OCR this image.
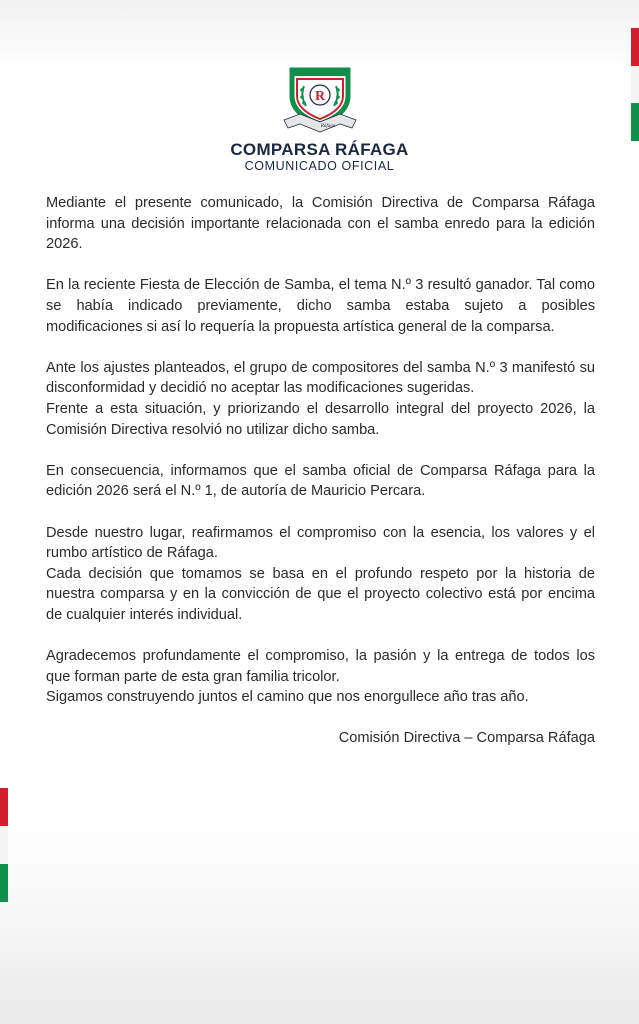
R
Ráfaga
COMPARSA RÁFAGA
COMUNICADO OFICIAL

Mediante el presente comunicado, la Comisión Directiva de Comparsa Ráfaga informa una decisión importante relacionada con el samba enredo para la edición 2026.

En la reciente Fiesta de Elección de Samba, el tema N.º 3 resultó ganador. Tal como se había indicado previamente, dicho samba estaba sujeto a posibles modificaciones si así lo requería la propuesta artística general de la comparsa.

Ante los ajustes planteados, el grupo de compositores del samba N.º 3 manifestó su disconformidad y decidió no aceptar las modificaciones sugeridas.

Frente a esta situación, y priorizando el desarrollo integral del proyecto 2026, la Comisión Directiva resolvió no utilizar dicho samba.

En consecuencia, informamos que el samba oficial de Comparsa Ráfaga para la edición 2026 será el N.º 1, de autoría de Mauricio Percara.

Desde nuestro lugar, reafirmamos el compromiso con la esencia, los valores y el rumbo artístico de Ráfaga.

Cada decisión que tomamos se basa en el profundo respeto por la historia de nuestra comparsa y en la convicción de que el proyecto colectivo está por encima de cualquier interés individual.

Agradecemos profundamente el compromiso, la pasión y la entrega de todos los que forman parte de esta gran familia tricolor.

Sigamos construyendo juntos el camino que nos enorgullece año tras año.

Comisión Directiva – Comparsa Ráfaga
